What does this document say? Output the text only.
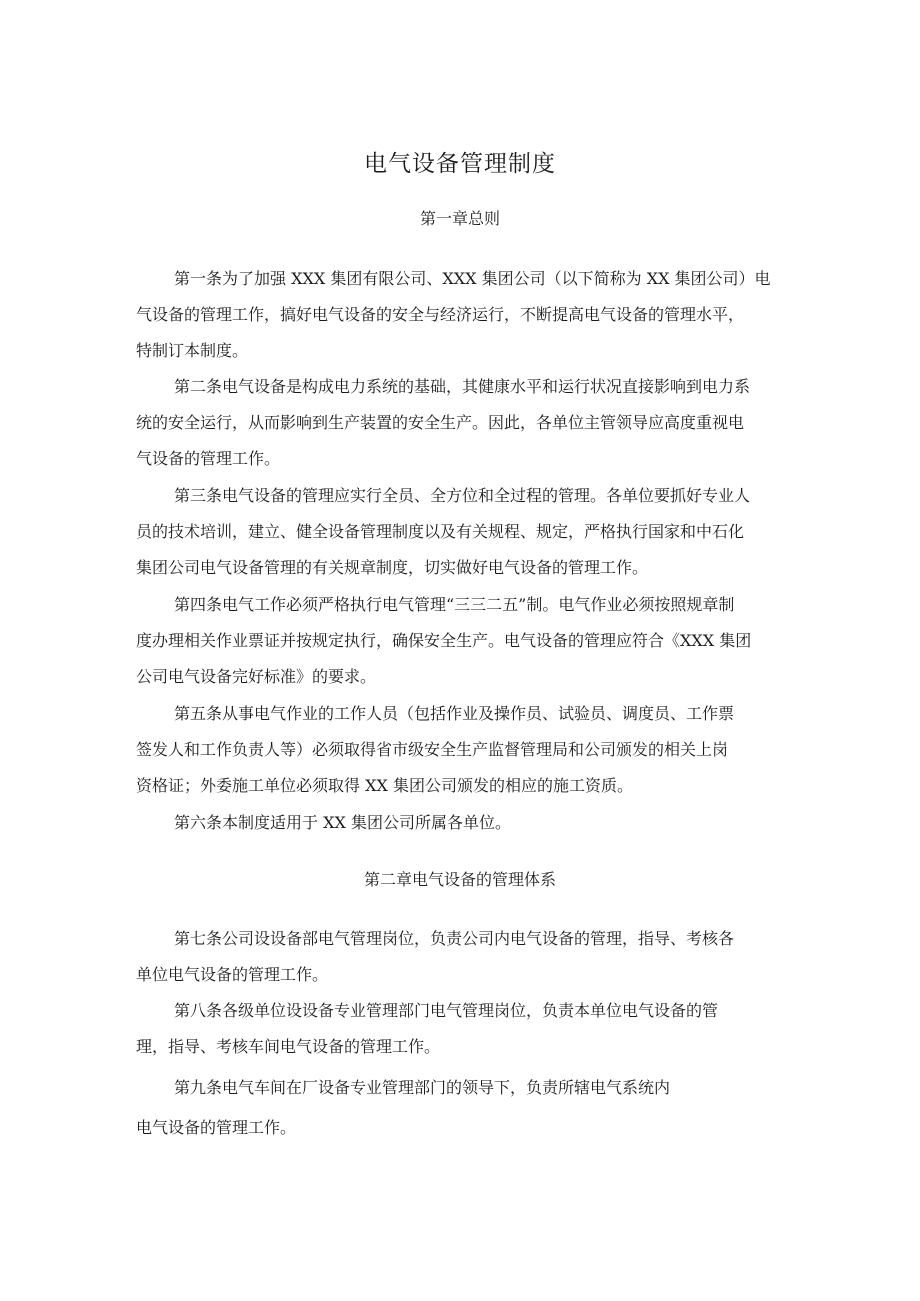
电气设备管理制度
第一章总则
第一条为了加强 XXX 集团有限公司、XXX 集团公司（以下简称为 XX 集团公司）电
气设备的管理工作，搞好电气设备的安全与经济运行，不断提高电气设备的管理水平，
特制订本制度。
第二条电气设备是构成电力系统的基础，其健康水平和运行状况直接影响到电力系
统的安全运行，从而影响到生产装置的安全生产。因此，各单位主管领导应高度重视电
气设备的管理工作。
第三条电气设备的管理应实行全员、全方位和全过程的管理。各单位要抓好专业人
员的技术培训，建立、健全设备管理制度以及有关规程、规定，严格执行国家和中石化
集团公司电气设备管理的有关规章制度，切实做好电气设备的管理工作。
第四条电气工作必须严格执行电气管理“三三二五”制。电气作业必须按照规章制
度办理相关作业票证并按规定执行，确保安全生产。电气设备的管理应符合《XXX 集团
公司电气设备完好标准》的要求。
第五条从事电气作业的工作人员（包括作业及操作员、试验员、调度员、工作票
签发人和工作负责人等）必须取得省市级安全生产监督管理局和公司颁发的相关上岗
资格证；外委施工单位必须取得 XX 集团公司颁发的相应的施工资质。
第六条本制度适用于 XX 集团公司所属各单位。
第二章电气设备的管理体系
第七条公司设设备部电气管理岗位，负责公司内电气设备的管理，指导、考核各
单位电气设备的管理工作。
第八条各级单位设设备专业管理部门电气管理岗位，负责本单位电气设备的管
理，指导、考核车间电气设备的管理工作。
第九条电气车间在厂设备专业管理部门的领导下，负责所辖电气系统内
电气设备的管理工作。
